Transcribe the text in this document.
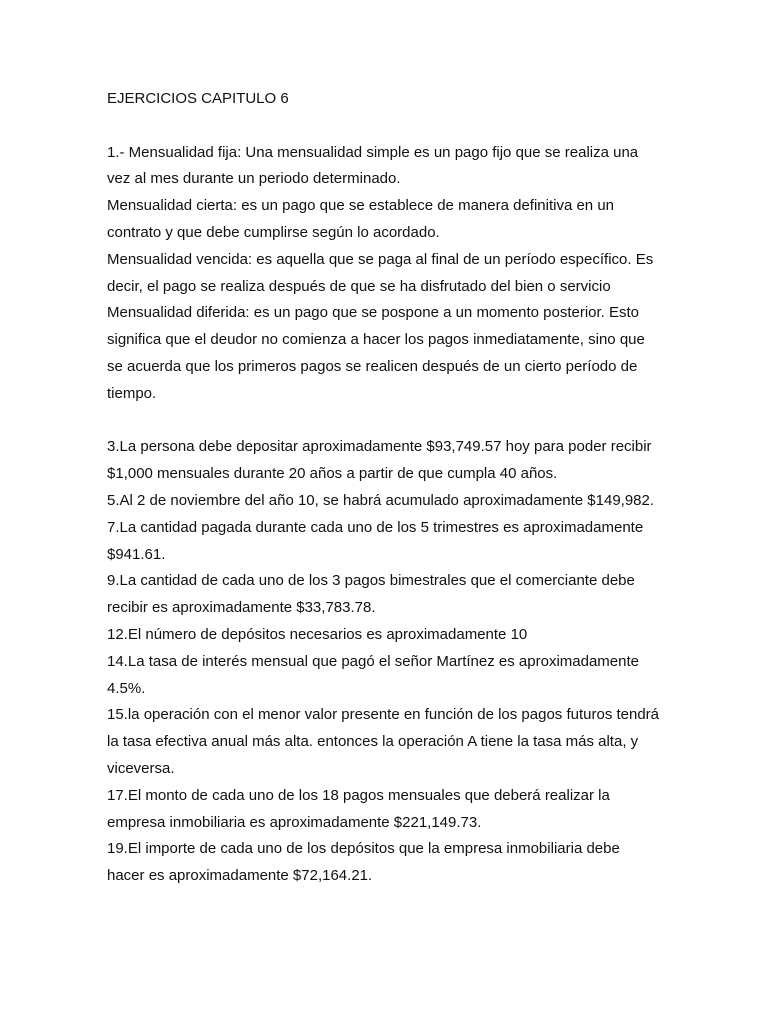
EJERCICIOS CAPITULO 6
1.- Mensualidad fija: Una mensualidad simple es un pago fijo que se realiza una
vez al mes durante un periodo determinado.
Mensualidad cierta: es un pago que se establece de manera definitiva en un
contrato y que debe cumplirse según lo acordado.
Mensualidad vencida: es aquella que se paga al final de un período específico. Es
decir, el pago se realiza después de que se ha disfrutado del bien o servicio
Mensualidad diferida: es un pago que se pospone a un momento posterior. Esto
significa que el deudor no comienza a hacer los pagos inmediatamente, sino que
se acuerda que los primeros pagos se realicen después de un cierto período de
tiempo.
3.La persona debe depositar aproximadamente $93,749.57 hoy para poder recibir
$1,000 mensuales durante 20 años a partir de que cumpla 40 años.
5.Al 2 de noviembre del año 10, se habrá acumulado aproximadamente $149,982.
7.La cantidad pagada durante cada uno de los 5 trimestres es aproximadamente
$941.61.
9.La cantidad de cada uno de los 3 pagos bimestrales que el comerciante debe
recibir es aproximadamente $33,783.78.
12.El número de depósitos necesarios es aproximadamente 10
14.La tasa de interés mensual que pagó el señor Martínez es aproximadamente
4.5%.
15.la operación con el menor valor presente en función de los pagos futuros tendrá
la tasa efectiva anual más alta. entonces la operación A tiene la tasa más alta, y
viceversa.
17.El monto de cada uno de los 18 pagos mensuales que deberá realizar la
empresa inmobiliaria es aproximadamente $221,149.73.
19.El importe de cada uno de los depósitos que la empresa inmobiliaria debe
hacer es aproximadamente $72,164.21.
